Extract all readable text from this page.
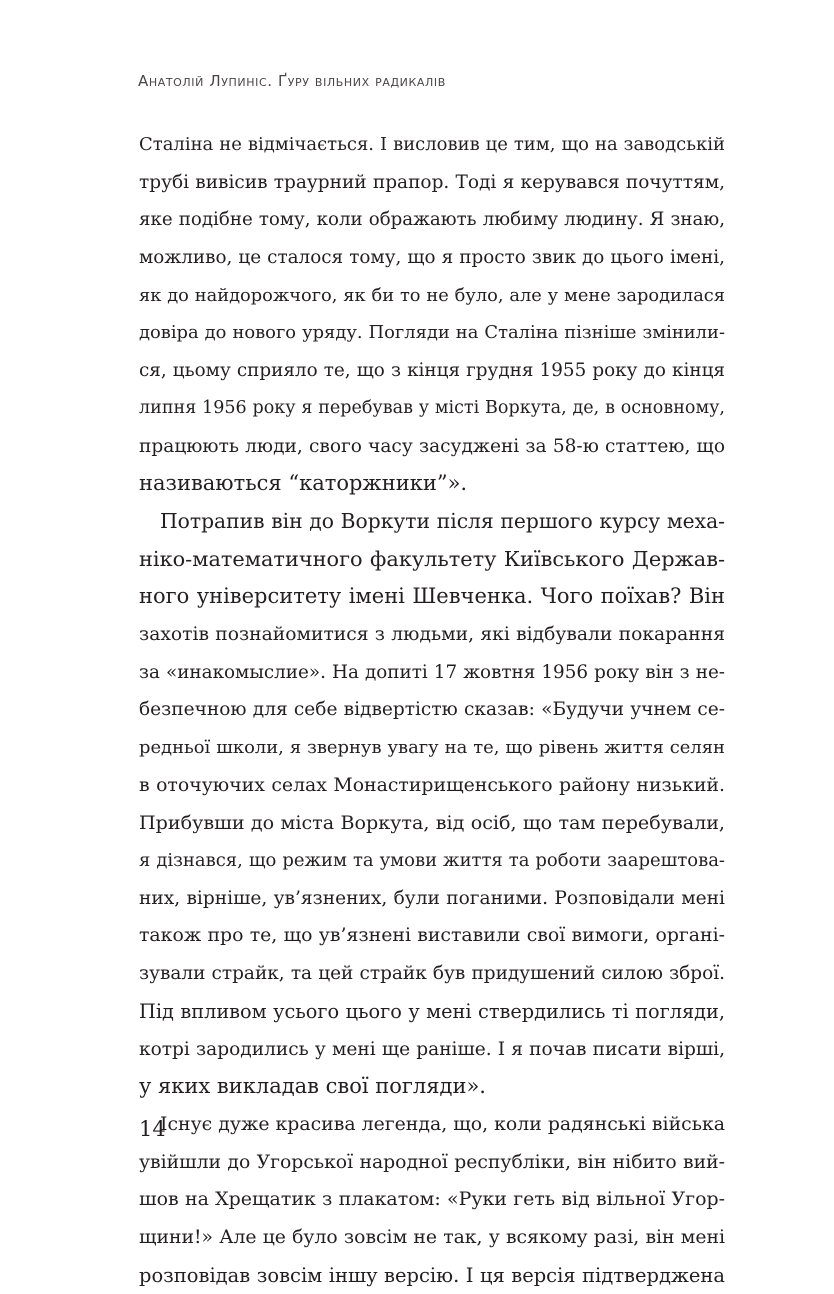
Анатолій Лупиніс. Ґуру вільних радикалів
Сталіна не відмічається. І висловив це тим, що на заводській
трубі вивісив траурний прапор. Тоді я керувався почуттям,
яке подібне тому, коли ображають любиму людину. Я знаю,
можливо, це сталося тому, що я просто звик до цього імені,
як до найдорожчого, як би то не було, але у мене зародилася
довіра до нового уряду. Погляди на Сталіна пізніше змінили-
ся, цьому сприяло те, що з кінця грудня 1955 року до кінця
липня 1956 року я перебував у місті Воркута, де, в основному,
працюють люди, свого часу засуджені за 58-ю статтею, що
називаються “каторжники”».
Потрапив він до Воркути після першого курсу меха-
ніко-математичного факультету Київського Держав-
ного університету імені Шевченка. Чого поїхав? Він
захотів познайомитися з людьми, які відбували покарання
за «инакомыслие». На допиті 17 жовтня 1956 року він з не-
безпечною для себе відвертістю сказав: «Будучи учнем се-
редньої школи, я звернув увагу на те, що рівень життя селян
в оточуючих селах Монастирищенського району низький.
Прибувши до міста Воркута, від осіб, що там перебували,
я дізнався, що режим та умови життя та роботи заарештова-
них, вірніше, ув’язнених, були поганими. Розповідали мені
також про те, що ув’язнені виставили свої вимоги, органі-
зували страйк, та цей страйк був придушений силою зброї.
Під впливом усього цього у мені ствердились ті погляди,
котрі зародились у мені ще раніше. І я почав писати вірші,
у яких викладав свої погляди».
Існує дуже красива легенда, що, коли радянські війська
увійшли до Угорської народної республіки, він нібито вий-
шов на Хрещатик з плакатом: «Руки геть від вільної Угор-
щини!» Але це було зовсім не так, у всякому разі, він мені
розповідав зовсім іншу версію. І ця версія підтверджена
14
